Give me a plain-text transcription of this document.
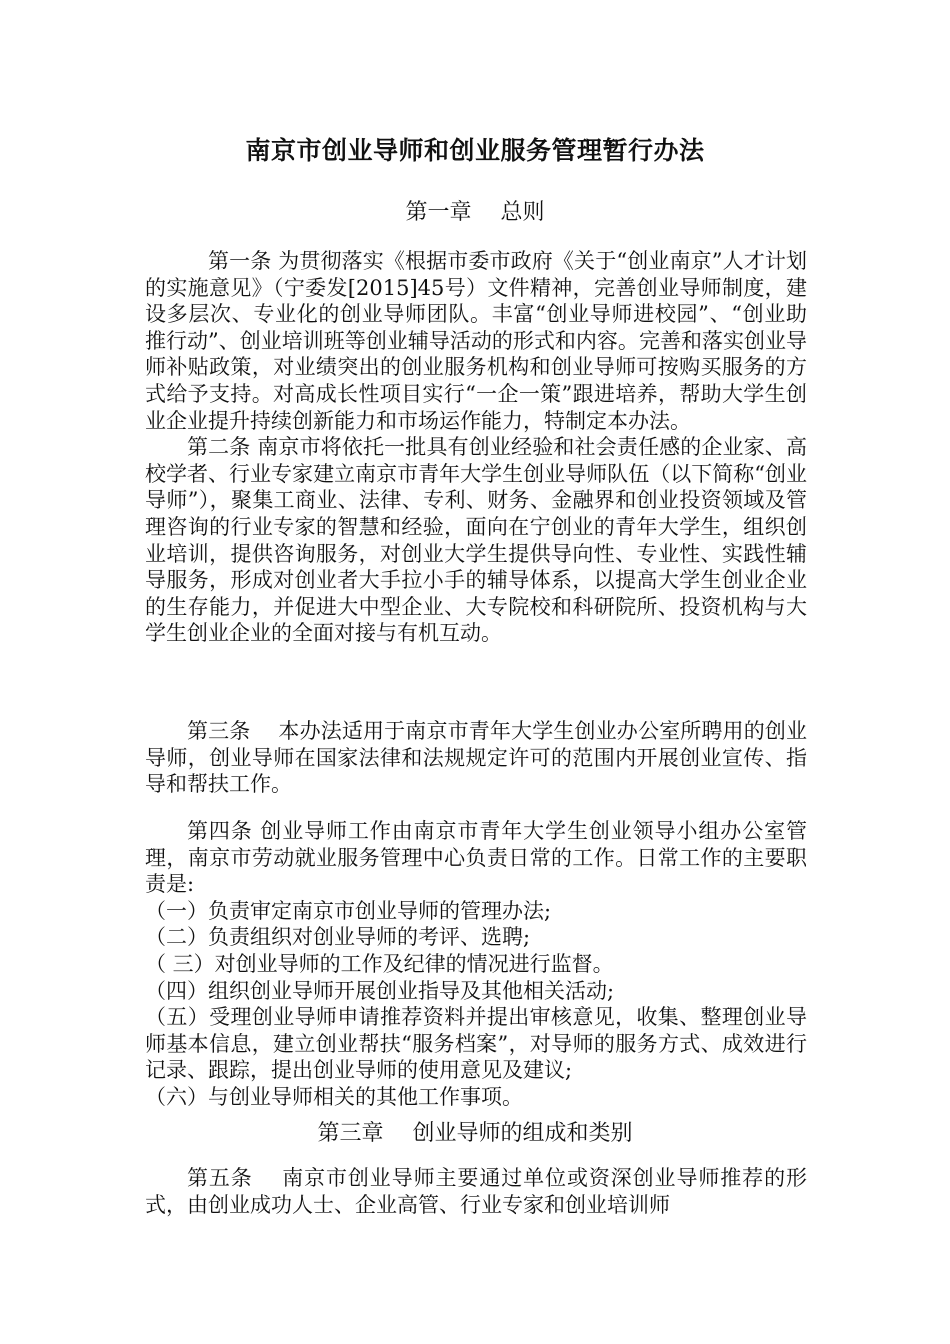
南京市创业导师和创业服务管理暂行办法
第一章　 总则

第一条 为贯彻落实《根据市委市政府《关于“创业南京”人才计划的实施意见》（宁委发[2015]45号）文件精神，完善创业导师制度，建设多层次、专业化的创业导师团队。丰富“创业导师进校园”、“创业助推行动”、创业培训班等创业辅导活动的形式和内容。完善和落实创业导师补贴政策，对业绩突出的创业服务机构和创业导师可按购买服务的方式给予支持。对高成长性项目实行“一企一策”跟进培养，帮助大学生创业企业提升持续创新能力和市场运作能力，特制定本办法。

第二条 南京市将依托一批具有创业经验和社会责任感的企业家、高校学者、行业专家建立南京市青年大学生创业导师队伍（以下简称“创业导师”），聚集工商业、法律、专利、财务、金融界和创业投资领域及管理咨询的行业专家的智慧和经验，面向在宁创业的青年大学生，组织创业培训，提供咨询服务，对创业大学生提供导向性、专业性、实践性辅导服务，形成对创业者大手拉小手的辅导体系，以提高大学生创业企业的生存能力，并促进大中型企业、大专院校和科研院所、投资机构与大学生创业企业的全面对接与有机互动。

第三条　 本办法适用于南京市青年大学生创业办公室所聘用的创业导师，创业导师在国家法律和法规规定许可的范围内开展创业宣传、指导和帮扶工作。

第四条 创业导师工作由南京市青年大学生创业领导小组办公室管理，南京市劳动就业服务管理中心负责日常的工作。日常工作的主要职责是:

（一）负责审定南京市创业导师的管理办法;

（二）负责组织对创业导师的考评、选聘;

（ 三）对创业导师的工作及纪律的情况进行监督。

（四）组织创业导师开展创业指导及其他相关活动;

（五）受理创业导师申请推荐资料并提出审核意见，收集、整理创业导师基本信息，建立创业帮扶“服务档案”，对导师的服务方式、成效进行记录、跟踪，提出创业导师的使用意见及建议;

（六）与创业导师相关的其他工作事项。

第三章　 创业导师的组成和类别

第五条　 南京市创业导师主要通过单位或资深创业导师推荐的形式，由创业成功人士、企业高管、行业专家和创业培训师
